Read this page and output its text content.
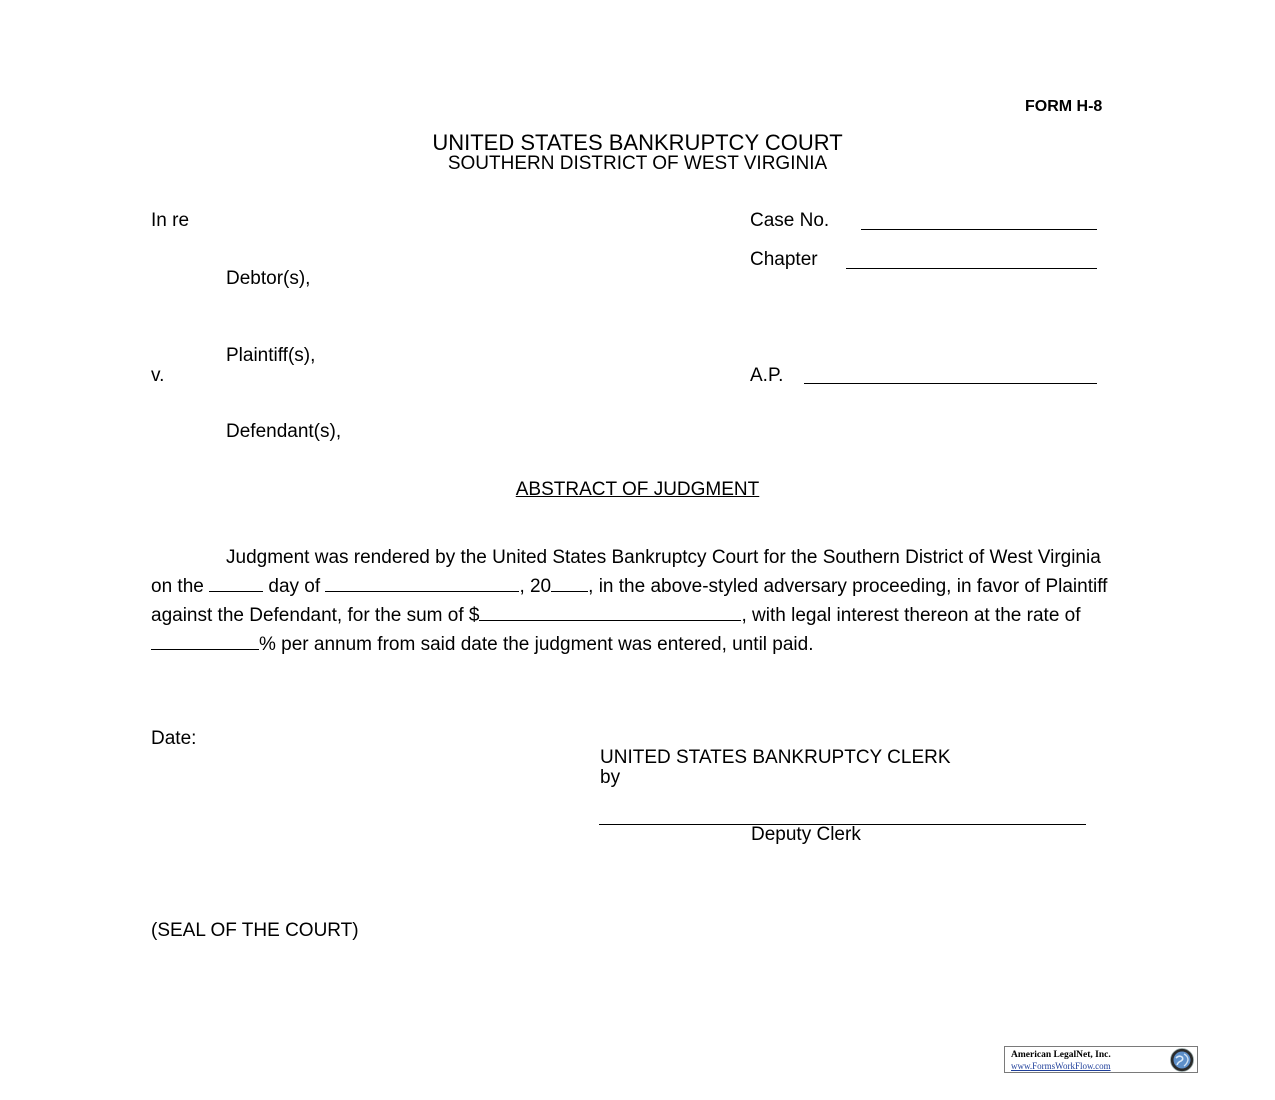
FORM H-8
UNITED STATES BANKRUPTCY COURT
SOUTHERN DISTRICT OF WEST VIRGINIA
In re
Debtor(s),
Plaintiff(s),
v.
Defendant(s),
Case No.
Chapter
A.P.
ABSTRACT OF JUDGMENT
Judgment was rendered by the United States Bankruptcy Court for the Southern District of West Virginia on the	day of	, 20 , in the above-styled adversary proceeding, in favor of Plaintiff against the Defendant, for the sum of $	, with legal interest thereon at the rate of % per annum from said date the judgment was entered, until paid.
Date:
UNITED STATES BANKRUPTCY CLERK
by
Deputy Clerk
(SEAL OF THE COURT)
American LegalNet, Inc.
www.FormsWorkFlow.com
